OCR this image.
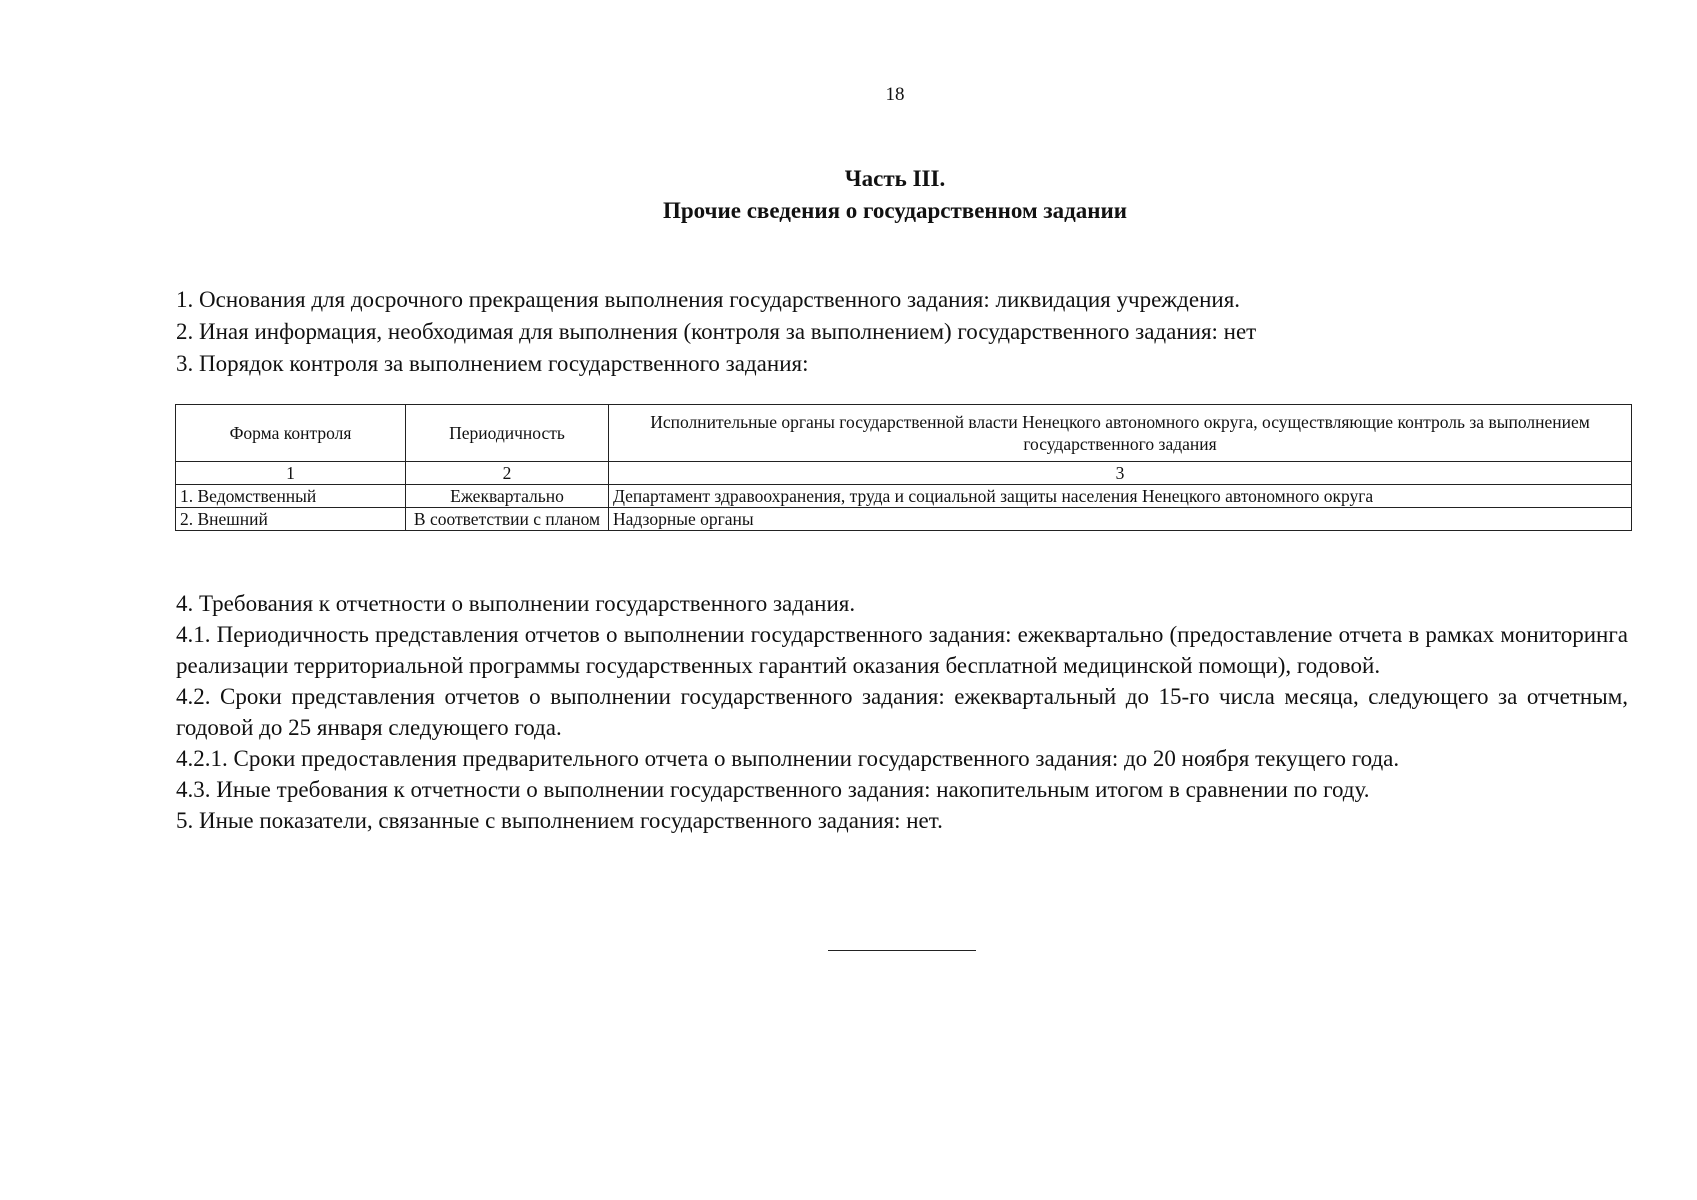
18
Часть III.
Прочие сведения о государственном задании

1. Основания для досрочного прекращения выполнения государственного задания: ликвидация учреждения.

2. Иная информация, необходимая для выполнения (контроля за выполнением) государственного задания: нет

3. Порядок контроля за выполнением государственного задания:

Форма контроля	Периодичность	Исполнительные органы государственной власти Ненецкого автономного округа, осуществляющие контроль за выполнением государственного задания
1	2	3
1. Ведомственный	Ежеквартально	Департамент здравоохранения, труда и социальной защиты населения Ненецкого автономного округа
2. Внешний	В соответствии с планом	Надзорные органы

4. Требования к отчетности о выполнении государственного задания.

4.1. Периодичность представления отчетов о выполнении государственного задания: ежеквартально (предоставление отчета в рамках мониторинга реализации территориальной программы государственных гарантий оказания бесплатной медицинской помощи), годовой.

4.2. Сроки представления отчетов о выполнении государственного задания: ежеквартальный до 15-го числа месяца, следующего за отчетным, годовой до 25 января следующего года.

4.2.1. Сроки предоставления предварительного отчета о выполнении государственного задания: до 20 ноября текущего года.

4.3. Иные требования к отчетности о выполнении государственного задания: накопительным итогом в сравнении по году.

5. Иные показатели, связанные с выполнением государственного задания: нет.
